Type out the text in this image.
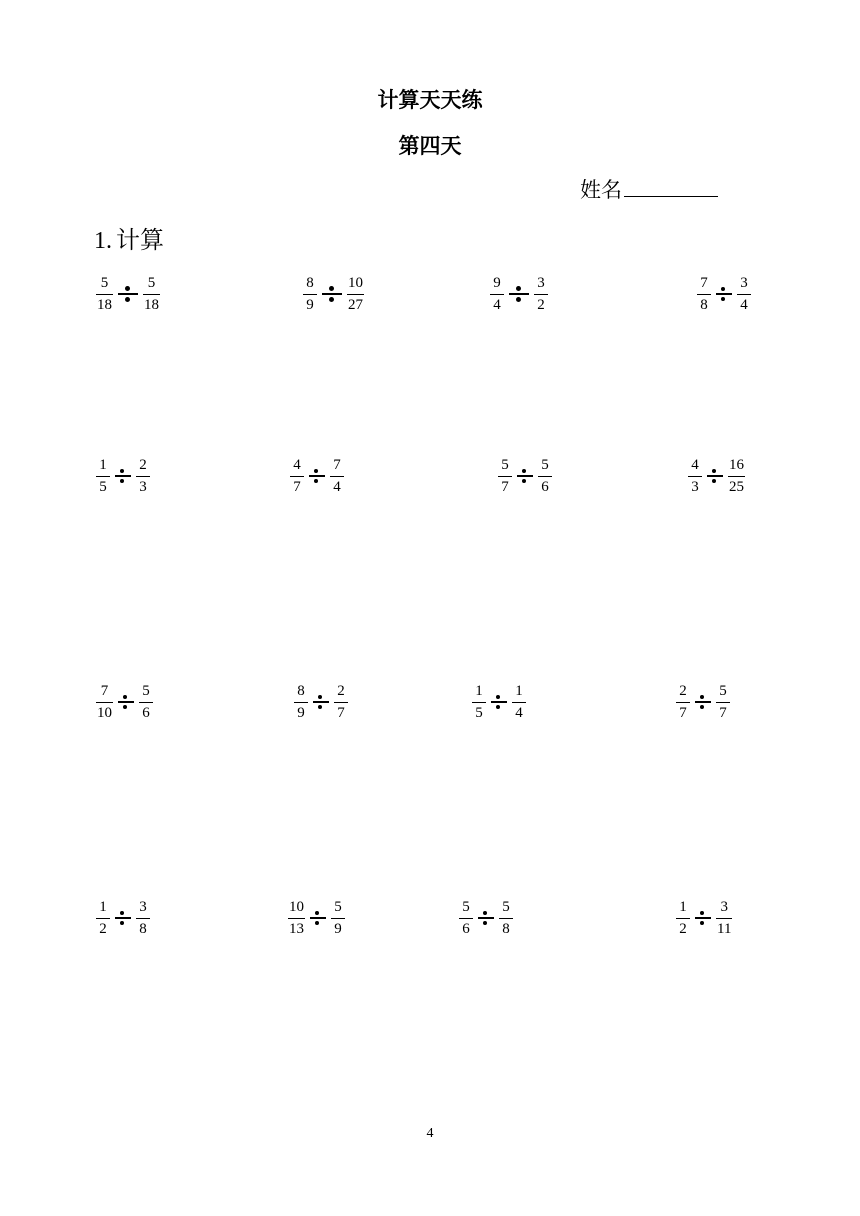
计算天天练
第四天
姓名
1. 计算
$\frac{5}{18} \frac{5}{18}$	$\frac{8}{9} \frac{10}{27}$	$\frac{9}{4} \frac{3}{2}$	$\frac{7}{8} \frac{3}{4}$
$\frac{1}{5} \frac{2}{3}$	$\frac{4}{7} \frac{7}{4}$	$\frac{5}{7} \frac{5}{6}$	$\frac{4}{3} \frac{16}{25}$
$\frac{7}{10} \frac{5}{6}$	$\frac{8}{9} \frac{2}{7}$	$\frac{1}{5} \frac{1}{4}$	$\frac{2}{7} \frac{5}{7}$
$\frac{1}{2} \frac{3}{8}$	$\frac{10}{13} \frac{5}{9}$	$\frac{5}{6} \frac{5}{8}$	$\frac{1}{2} \frac{3}{11}$
4
